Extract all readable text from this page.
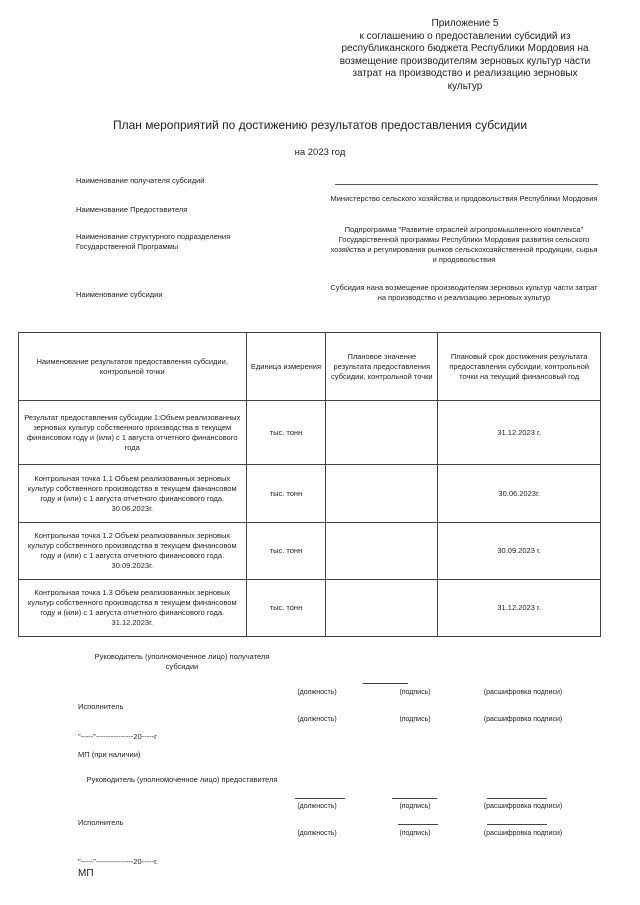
Приложение 5
к соглашению о предоставлении субсидий из
республиканского бюджета Республики Мордовия на
возмещение производителям зерновых культур части
затрат на производство и реализацию зерновых
культур
План мероприятий по достижению результатов предоставления субсидии
на 2023 год
Наименование получателя субсидий
Наименование Предоставителя
Министерство сельского хозяйства и продовольствия Республики Мордовия
Наименование структурного подразделения Государственной Программы
Подпрограмма "Развитие отраслей агропромышленного комплекса" Государственной программы Республики Мордовия развития сельского хозяйства и регулирования рынков сельскохозяйственной продукции, сырья и продовольствия
Наименование субсидии
Субсидия нана возмещение производителям зерновых культур части затрат на производство и реализацию зерновых культур
Наименование результатов предоставления субсидии, контрольной точки	Единица измерения	Плановое значение результата предоставления субсидии, контрольной точки	Плановый срок достижения результата предоставления субсидии, контрольной точки на текущий финансовый год
Результат предоставления субсидии 1:Объем реализованных зерновых культур собственного производства в текущем финансовом году и (или) с 1 августа отчетного финансового года	тыс. тонн		31.12.2023 г.
Контрольная точка 1.1 Объем реализованных зерновых культур собственного производства в текущем финансовом году и (или) с 1 августа отчетного финансового года. 30.06.2023г.	тыс. тонн		30.06.2023г.
Контрольная точка 1.2 Объем реализованных зерновых культур собственного производства в текущем финансовом году и (или) с 1 августа отчетного финансового года. 30.09.2023г.	тыс. тонн		30.09.2023 г.
Контрольная точка 1.3 Объем реализованных зерновых культур собственного производства в текущем финансовом году и (или) с 1 августа отчетного финансового года. 31.12.2023г.	тыс. тонн		31.12.2023 г.
Руководитель (уполномоченное лицо) получателя субсидии
(должность)	(подпись)	(расшифровка подписи)
Исполнитель
(должность)	(подпись)	(расшифровка подписи)
"-----"---------------20-----г
МП (при наличии)
Руководитель (уполномоченное лицо) предоставителя
(должность)	(подпись)	(расшифровка подписи)
Исполнитель
(должность)	(подпись)	(расшифровка подписи)
"-----"---------------20-----г.
МП
